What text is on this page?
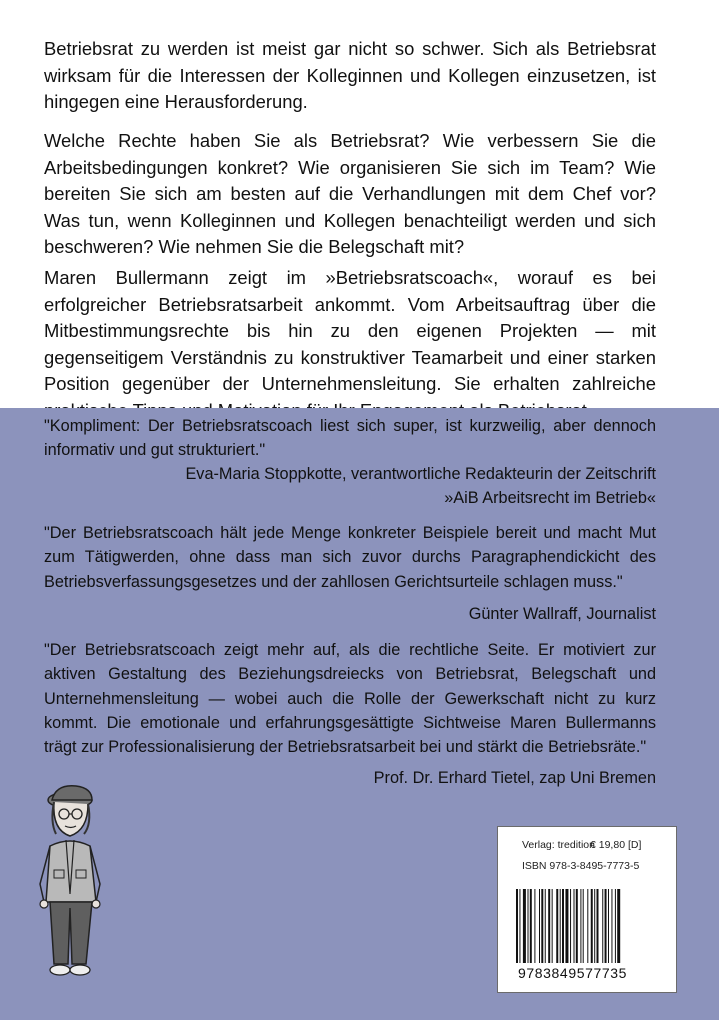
Betriebsrat zu werden ist meist gar nicht so schwer. Sich als Betriebsrat wirksam für die Interessen der Kolleginnen und Kollegen einzusetzen, ist hingegen eine Herausforderung.

Welche Rechte haben Sie als Betriebsrat? Wie verbessern Sie die Arbeitsbedingungen konkret? Wie organisieren Sie sich im Team? Wie bereiten Sie sich am besten auf die Verhandlungen mit dem Chef vor? Was tun, wenn Kolleginnen und Kollegen benachteiligt werden und sich beschweren? Wie nehmen Sie die Belegschaft mit?

Maren Bullermann zeigt im »Betriebsratscoach«, worauf es bei erfolgreicher Betriebsratsarbeit ankommt. Vom Arbeitsauftrag über die Mitbestimmungsrechte bis hin zu den eigenen Projekten — mit gegenseitigem Verständnis zu konstruktiver Teamarbeit und einer starken Position gegenüber der Unternehmensleitung. Sie erhalten zahlreiche

"Kompliment: Der Betriebsratscoach liest sich super, ist kurzweilig, aber dennoch informativ und gut strukturiert."

Eva-Maria Stoppkotte, verantwortliche Redakteurin der Zeitschrift
»AiB Arbeitsrecht im Betrieb«

"Der Betriebsratscoach hält jede Menge konkreter Beispiele bereit und macht Mut zum Tätigwerden, ohne dass man sich zuvor durchs Paragraphendickicht des Betriebsverfassungsgesetzes und der zahllosen Gerichtsurteile schlagen muss."

Günter Wallraff, Journalist

"Der Betriebsratscoach zeigt mehr auf, als die rechtliche Seite. Er motiviert zur aktiven Gestaltung des Beziehungsdreiecks von Betriebsrat, Belegschaft und Unternehmensleitung — wobei auch die Rolle der Gewerkschaft nicht zu kurz kommt. Die emotionale und erfahrungsgesättigte Sichtweise Maren Bullermanns trägt zur Professionalisierung der Betriebsratsarbeit bei und stärkt die Betriebsräte."

Prof. Dr. Erhard Tietel, zap Uni Bremen
Verlag: tredition
€ 19,80 [D]
ISBN 978-3-8495-7773-5
9783849577735
